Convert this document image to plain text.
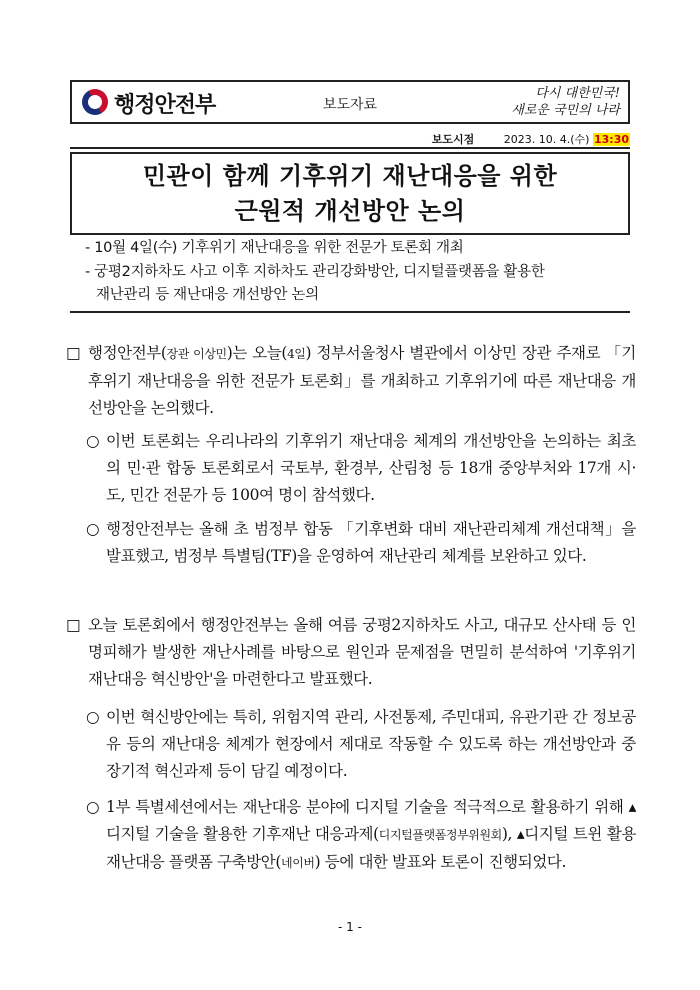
행정안전부	보도자료
다시 대한민국!
새로운 국민의 나라
보도시점	2023. 10. 4.(수) 13:30
민관이 함께 기후위기 재난대응을 위한
근원적 개선방안 논의
- 10월 4일(수) 기후위기 재난대응을 위한 전문가 토론회 개최
- 궁평2지하차도 사고 이후 지하차도 관리강화방안, 디지털플랫폼을 활용한
재난관리 등 재난대응 개선방안 논의
□ 행정안전부(장관 이상민)는 오늘(4일) 정부서울청사 별관에서 이상민 장관 주재로 「기후위기 재난대응을 위한 전문가 토론회」를 개최하고 기후위기에 따른 재난대응 개선방안을 논의했다.
○ 이번 토론회는 우리나라의 기후위기 재난대응 체계의 개선방안을 논의하는 최초의 민·관 합동 토론회로서 국토부, 환경부, 산림청 등 18개 중앙부처와 17개 시·도, 민간 전문가 등 100여 명이 참석했다.
○ 행정안전부는 올해 초 범정부 합동 「기후변화 대비 재난관리체계 개선대책」을 발표했고, 범정부 특별팀(TF)을 운영하여 재난관리 체계를 보완하고 있다.
□ 오늘 토론회에서 행정안전부는 올해 여름 궁평2지하차도 사고, 대규모 산사태 등 인명피해가 발생한 재난사례를 바탕으로 원인과 문제점을 면밀히 분석하여 '기후위기 재난대응 혁신방안'을 마련한다고 발표했다.
○ 이번 혁신방안에는 특히, 위험지역 관리, 사전통제, 주민대피, 유관기관 간 정보공유 등의 재난대응 체계가 현장에서 제대로 작동할 수 있도록 하는 개선방안과 중장기적 혁신과제 등이 담길 예정이다.
○ 1부 특별세션에서는 재난대응 분야에 디지털 기술을 적극적으로 활용하기 위해 ▴디지털 기술을 활용한 기후재난 대응과제(디지털플랫폼정부위원회), ▴디지털 트윈 활용 재난대응 플랫폼 구축방안(네이버) 등에 대한 발표와 토론이 진행되었다.
- 1 -
